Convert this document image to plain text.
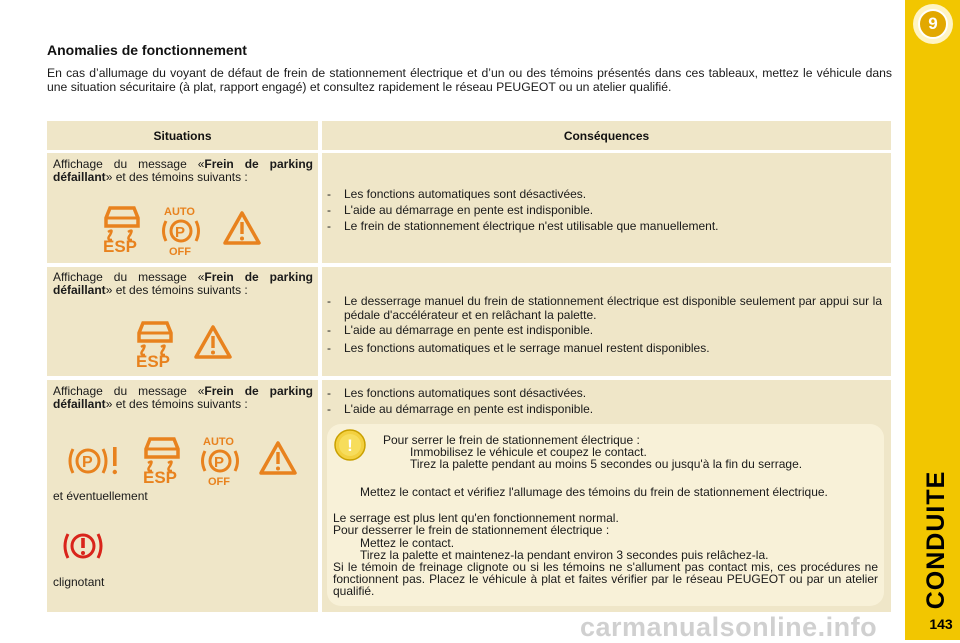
9
CONDUITE
143
Anomalies de fonctionnement
En cas d’allumage du voyant de défaut de frein de stationnement électrique et d’un ou des témoins présentés dans ces tableaux, mettez le véhicule dans une situation sécuritaire (à plat, rapport engagé) et consultez rapidement le réseau PEUGEOT ou un atelier qualifié.
Situations	Conséquences
Affichage du message «Frein de parking défaillant» et des témoins suivants :
-	Les fonctions automatiques sont désactivées.
-	L'aide au démarrage en pente est indisponible.
-	Le frein de stationnement électrique n'est utilisable que manuellement.
ESP
AUTO
P
OFF
Affichage du message «Frein de parking défaillant» et des témoins suivants :
-	Le desserrage manuel du frein de stationnement électrique est disponible seulement par appui sur la pédale d'accélérateur et en relâchant la palette.
-	L'aide au démarrage en pente est indisponible.
-	Les fonctions automatiques et le serrage manuel restent disponibles.
ESP
Affichage du message «Frein de parking défaillant» et des témoins suivants :
-	Les fonctions automatiques sont désactivées.
-	L'aide au démarrage en pente est indisponible.
P
ESP
AUTO
P
OFF
et éventuellement
clignotant
!	Pour serrer le frein de stationnement électrique :
Immobilisez le véhicule et coupez le contact.
Tirez la palette pendant au moins 5 secondes ou jusqu'à la fin du serrage.
Mettez le contact et vérifiez l'allumage des témoins du frein de stationnement électrique.
Le serrage est plus lent qu'en fonctionnement normal.
Pour desserrer le frein de stationnement électrique :
Mettez le contact.
Tirez la palette et maintenez-la pendant environ 3 secondes puis relâchez-la.
Si le témoin de freinage clignote ou si les témoins ne s'allument pas contact mis, ces procédures ne fonctionnent pas. Placez le véhicule à plat et faites vérifier par le réseau PEUGEOT ou par un atelier qualifié.
carmanualsonline.info
